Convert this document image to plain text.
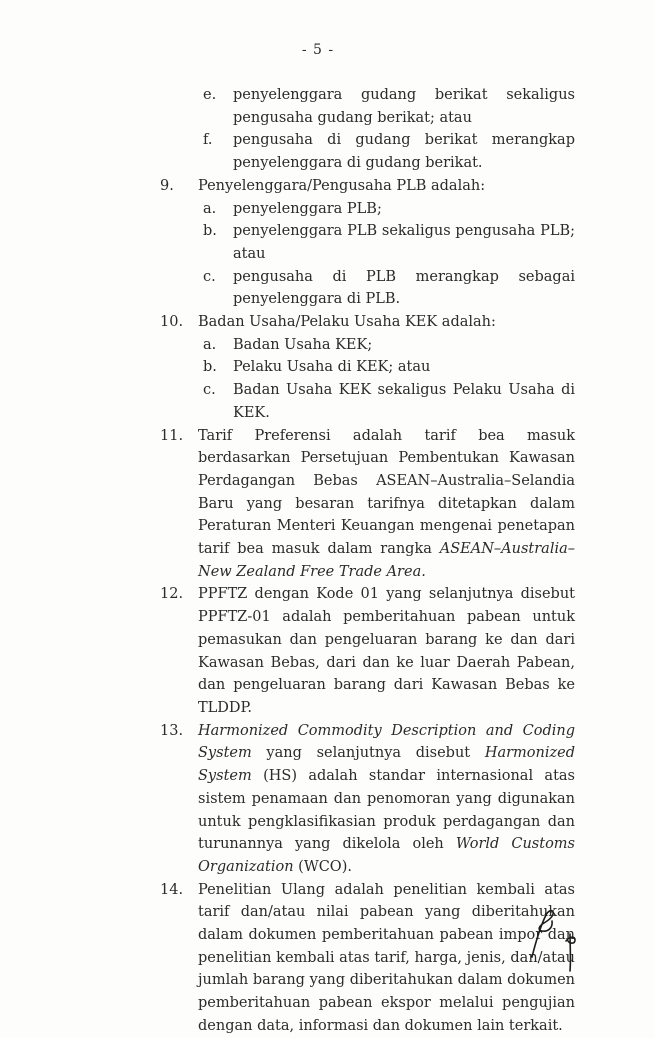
- 5 -
e.	penyelenggara gudang berikat sekaligus pengusaha gudang berikat; atau
f.	pengusaha di gudang berikat merangkap penyelenggara di gudang berikat.
9.	Penyelenggara/Pengusaha PLB adalah:
a.	penyelenggara PLB;
b.	penyelenggara PLB sekaligus pengusaha PLB; atau
c.	pengusaha di PLB merangkap sebagai penyelenggara di PLB.
10.	Badan Usaha/Pelaku Usaha KEK adalah:
a.	Badan Usaha KEK;
b.	Pelaku Usaha di KEK; atau
c.	Badan Usaha KEK sekaligus Pelaku Usaha di KEK.
11.	Tarif Preferensi adalah tarif bea masuk berdasarkan Persetujuan Pembentukan Kawasan Perdagangan Bebas ASEAN–Australia–Selandia Baru yang besaran tarifnya ditetapkan dalam Peraturan Menteri Keuangan mengenai penetapan tarif bea masuk dalam rangka ASEAN–Australia–New Zealand Free Trade Area.
12.	PPFTZ dengan Kode 01 yang selanjutnya disebut PPFTZ-01 adalah pemberitahuan pabean untuk pemasukan dan pengeluaran barang ke dan dari Kawasan Bebas, dari dan ke luar Daerah Pabean, dan pengeluaran barang dari Kawasan Bebas ke TLDDP.
13.	Harmonized Commodity Description and Coding System yang selanjutnya disebut Harmonized System (HS) adalah standar internasional atas sistem penamaan dan penomoran yang digunakan untuk pengklasifikasian produk perdagangan dan turunannya yang dikelola oleh World Customs Organization (WCO).
14.	Penelitian Ulang adalah penelitian kembali atas tarif dan/atau nilai pabean yang diberitahukan dalam dokumen pemberitahuan pabean impor dan penelitian kembali atas tarif, harga, jenis, dan/atau jumlah barang yang diberitahukan dalam dokumen pemberitahuan pabean ekspor melalui pengujian dengan data, informasi dan dokumen lain terkait.
